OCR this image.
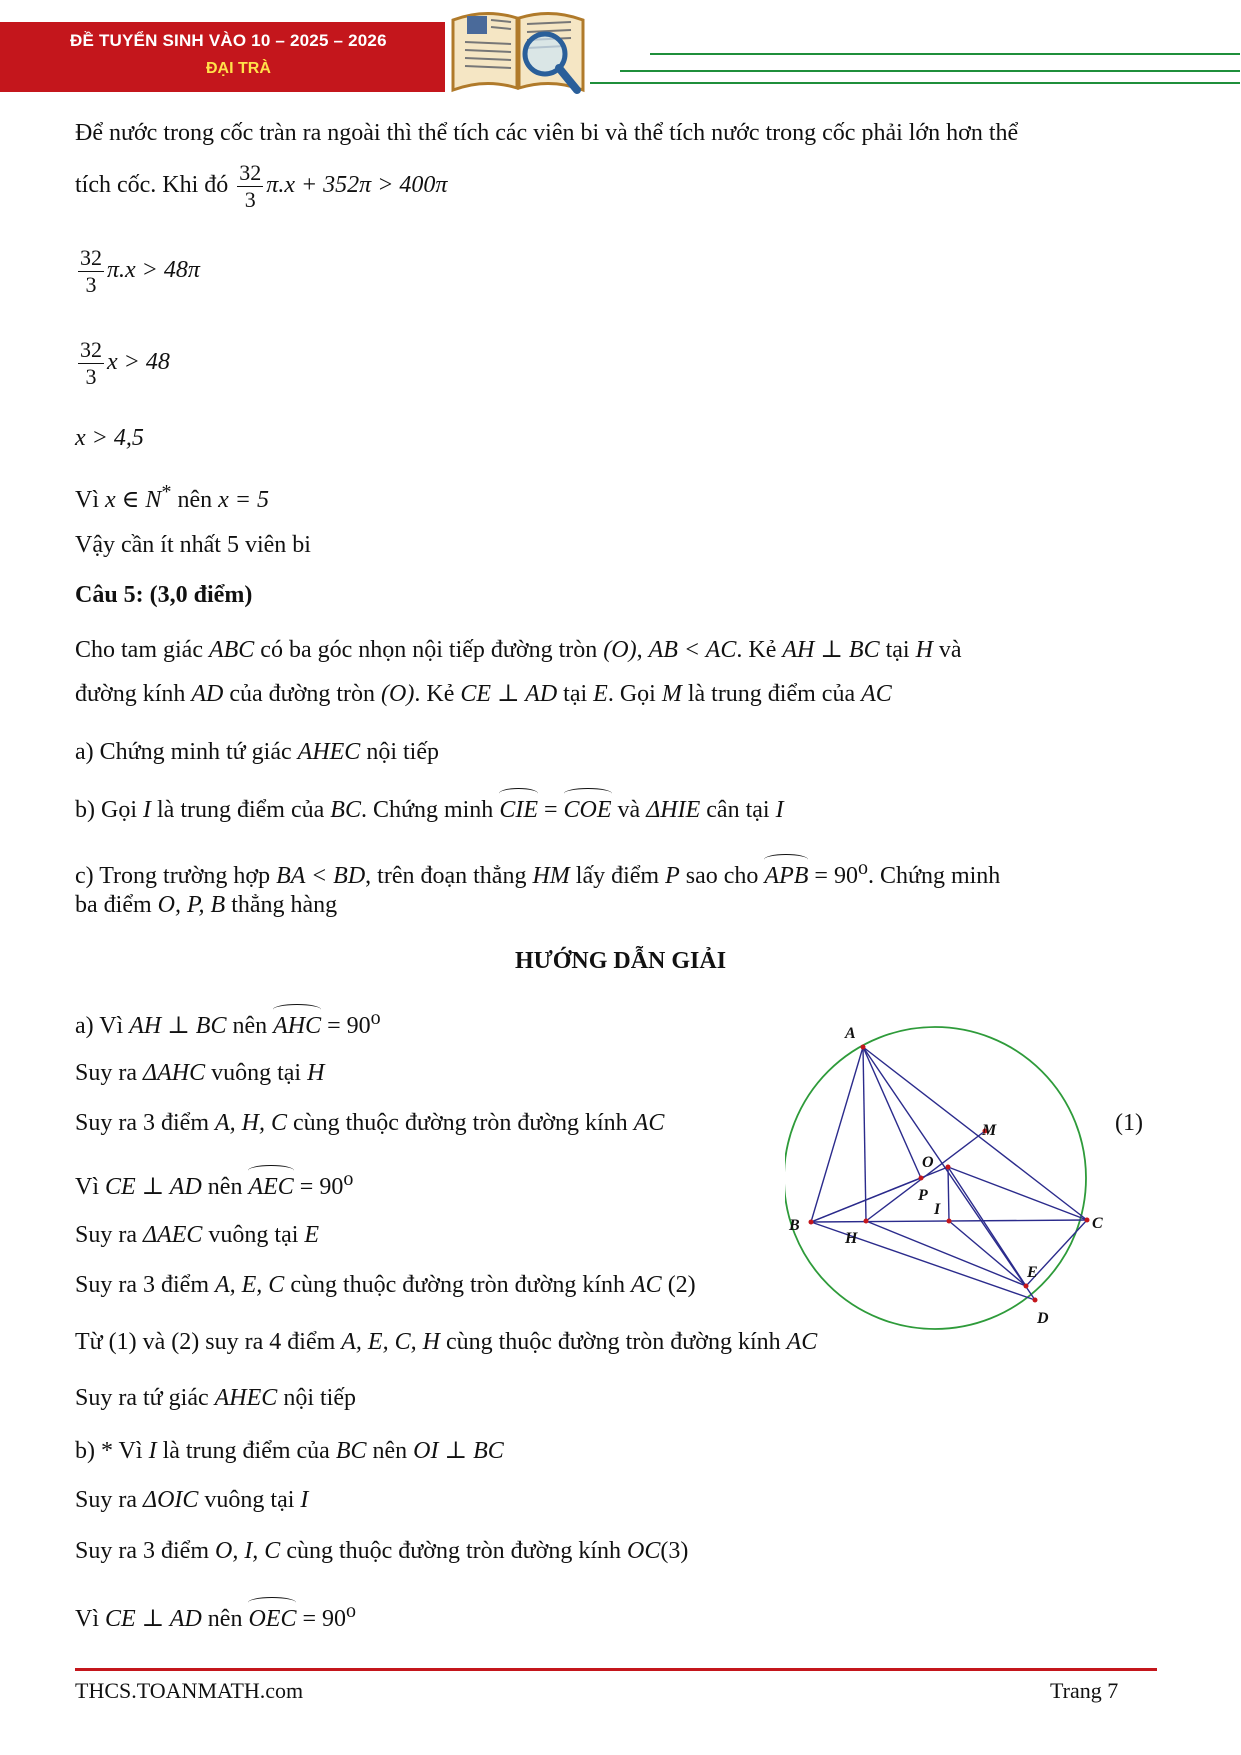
ĐỀ TUYỂN SINH VÀO 10 – 2025 – 2026
ĐẠI TRÀ
Để nước trong cốc tràn ra ngoài thì thể tích các viên bi và thể tích nước trong cốc phải lớn hơn thể
tích cốc. Khi đó $\frac{32}{3} \pi.x + 352\pi > 400\pi$
$\frac{32}{3} \pi.x > 48\pi$
$\frac{32}{3}$ x > 48
x > 4,5
Vì x ∈ N* nên x = 5
Vậy cần ít nhất 5 viên bi
Câu 5: (3,0 điểm)
Cho tam giác ABC có ba góc nhọn nội tiếp đường tròn (O), AB < AC. Kẻ AH ⊥ BC tại H và
đường kính AD của đường tròn (O). Kẻ CE ⊥ AD tại E. Gọi M là trung điểm của AC
a) Chứng minh tứ giác AHEC nội tiếp
b) Gọi I là trung điểm của BC. Chứng minh CIE = COE và ΔHIE cân tại I
c) Trong trường hợp BA < BD, trên đoạn thẳng HM lấy điểm P sao cho APB = $90^o$. Chứng minh
ba điểm O, P, B thẳng hàng
HƯỚNG DẪN GIẢI
a) Vì AH ⊥ BC nên AHC = $90^o$
Suy ra ΔAHC vuông tại H
Suy ra 3 điểm A, H, C cùng thuộc đường tròn đường kính AC	(1)
Vì CE ⊥ AD nên AEC = $90^o$
Suy ra ΔAEC vuông tại E
Suy ra 3 điểm A, E, C cùng thuộc đường tròn đường kính AC (2)
Từ (1) và (2) suy ra 4 điểm A, E, C, H cùng thuộc đường tròn đường kính AC
Suy ra tứ giác AHEC nội tiếp
b) * Vì I là trung điểm của BC nên OI ⊥ BC
Suy ra ΔOIC vuông tại I
Suy ra 3 điểm O, I, C cùng thuộc đường tròn đường kính OC(3)
Vì CE ⊥ AD nên OEC = $90^o$
A
M
O
P
I
B
H
C
E
D
THCS.TOANMATH.com	Trang 7
